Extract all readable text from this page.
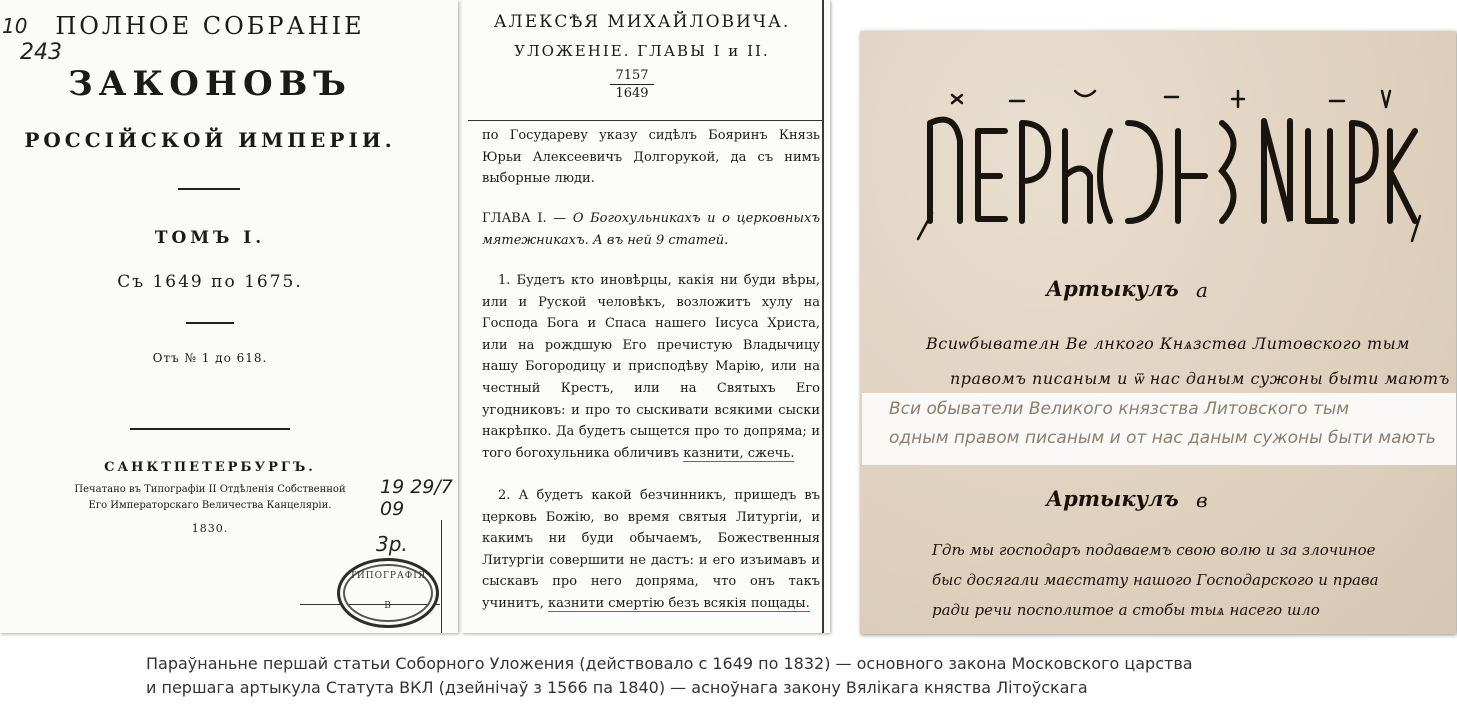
10
243
ПОЛНОЕ СОБРАНІЕ
ЗАКОНОВЪ
РОССІЙСКОЙ ИМПЕРІИ.
ТОМЪ I.
Съ 1649 по 1675.
Отъ № 1 до 618.
САНКТПЕТЕРБУРГЪ.
Печатано въ Типографіи II Отдѣленія Собственной
Его Императорскаго Величества Канцеляріи.
1830.
19 29/7 09
3р.
ТИПОГРАФІЯ
В
АЛЕКСѢЯ МИХАЙЛОВИЧА.
УЛОЖЕНІЕ. ГЛАВЫ I и II.
7157
1649
по Государеву указу сидѣлъ Бояринъ Князь Юрьи Алексеевичъ Долгорукой, да съ нимъ выборные люди.
ГЛАВА I. — О Богохульникахъ и о церковныхъ мятежникахъ. А въ ней 9 статей.
1. Будетъ кто иновѣрцы, какія ни буди вѣры, или и Руской человѣкъ, возложитъ хулу на Господа Бога и Спаса нашего Іисуса Христа, или на рождшую Его пречистую Владычицу нашу Богородицу и присподѣву Марію, или на честный Крестъ, или на Святыхъ Его угодниковъ: и про то сыскивати всякими сыски накрѣпко. Да будетъ сыщется про то допряма; и того богохульника обличивъ казнити, сжечь.
2. А будетъ какой безчинникъ, пришедъ въ церковь Божію, во время святыя Литургіи, и какимъ ни буди обычаемъ, Божественныя Литургіи совершити не дастъ: и его изъимавъ и сыскавъ про него допряма, что онъ такъ учинитъ, казнити смертію безъ всякія пощады.
Артыкулъ а
Всиѡбывателн Ве лнкого Кнѧзства Литовского тым
правомъ писаным и ѿ нас даным сужоны быти маютъ
Вси обыватели Великого князства Литовского тым
одным правом писаным и от нас даным сужоны быти мають
Артыкулъ в
Гдѣ мы господаръ подаваемъ свою волю и за злочиное
быс досягали маєстату нашого Господарского и права
ради речи посполитое а стобы тыѧ насего шло
Параўнаньне першай статьи Соборного Уложения (действовало с 1649 по 1832) — основного закона Московского царства
и першага артыкула Статута ВКЛ (дзейнічаў з 1566 па 1840) — асноўнага закону Вялікага княства Літоўскага
